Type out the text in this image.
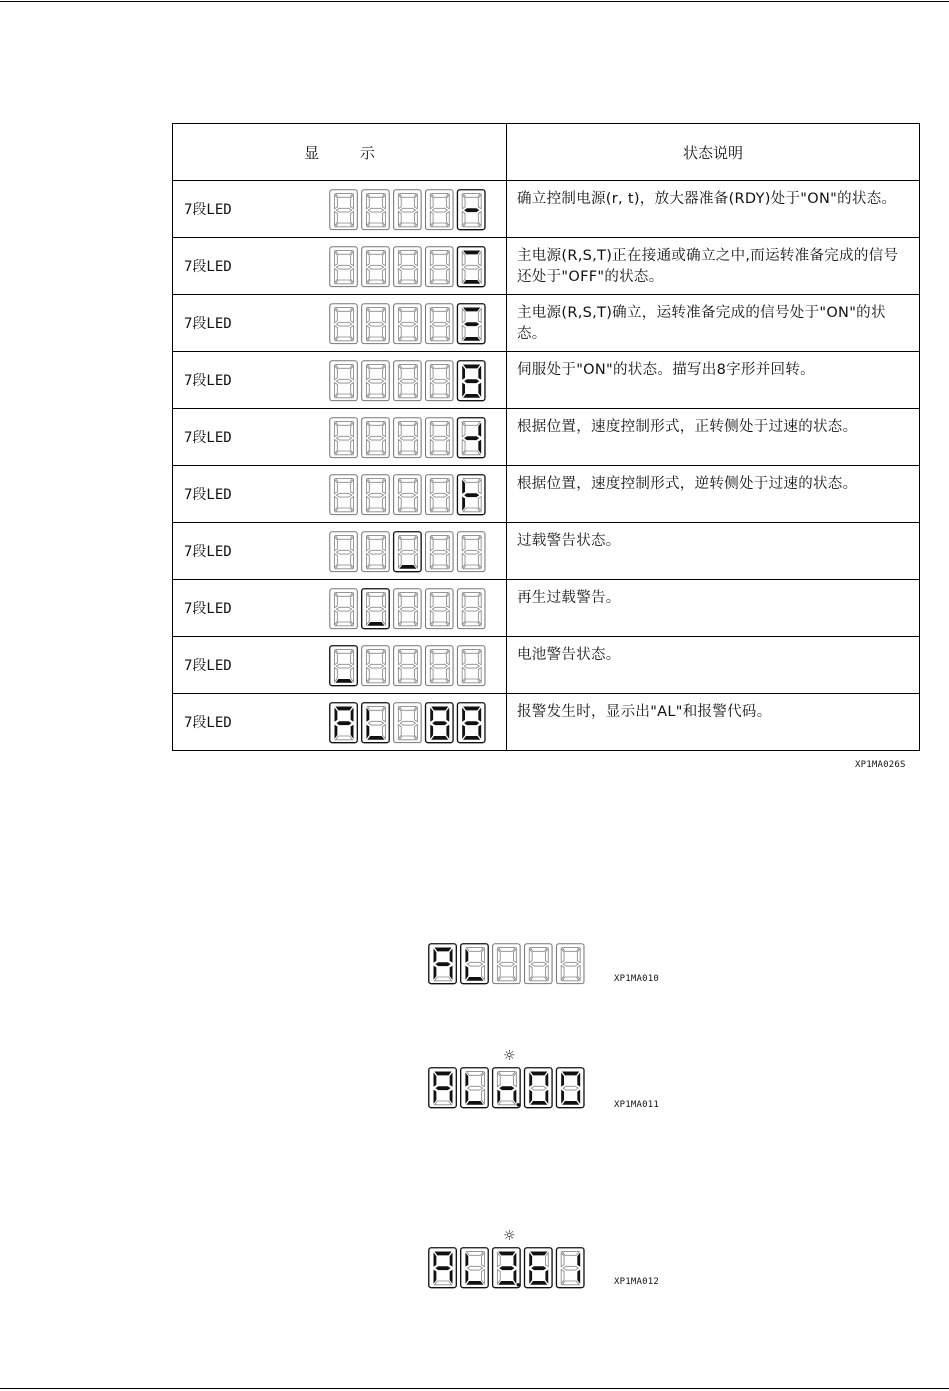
显 示	状态说明

7段LED	确立控制电源(r, t)，放大器准备(RDY)处于"ON"的状态。

7段LED	主电源(R,S,T)正在接通或确立之中,而运转准备完成的信号还处于"OFF"的状态。

7段LED	主电源(R,S,T)确立，运转准备完成的信号处于"ON"的状态。

7段LED	伺服处于"ON"的状态。描写出8字形并回转。

7段LED	根据位置，速度控制形式，正转侧处于过速的状态。

7段LED	根据位置，速度控制形式，逆转侧处于过速的状态。

7段LED	过载警告状态。

7段LED	再生过载警告。

7段LED	电池警告状态。

7段LED	报警发生时，显示出"AL"和报警代码。
XP1MA026S
XP1MA010
☼
XP1MA011
☼
XP1MA012
